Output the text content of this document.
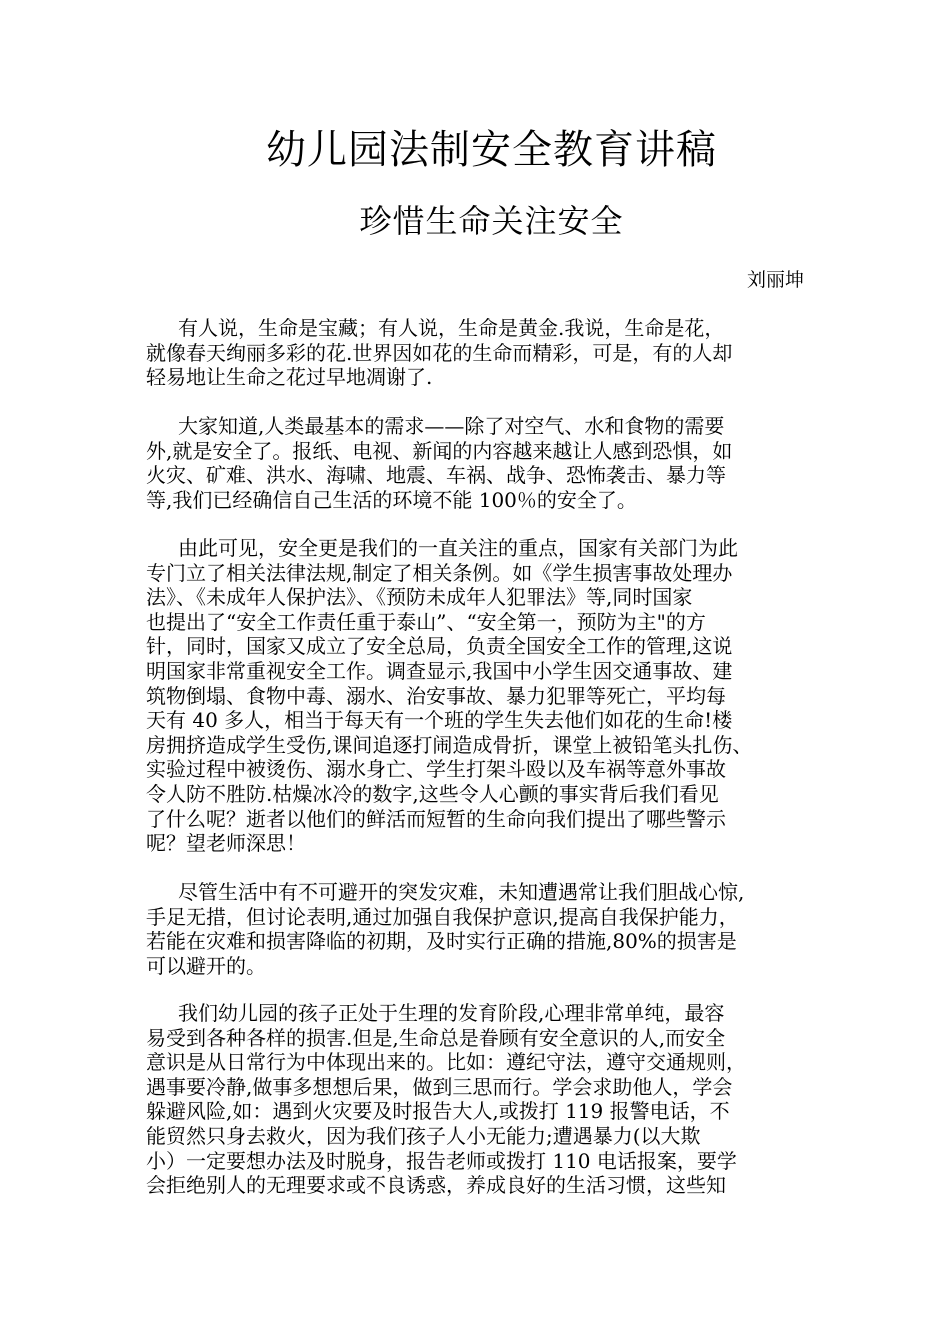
幼儿园法制安全教育讲稿
珍惜生命关注安全
刘丽坤
有人说，生命是宝藏；有人说，生命是黄金.我说，生命是花，
就像春天绚丽多彩的花.世界因如花的生命而精彩，可是，有的人却
轻易地让生命之花过早地凋谢了.
大家知道,人类最基本的需求——除了对空气、水和食物的需要
外,就是安全了。报纸、电视、新闻的内容越来越让人感到恐惧，如
火灾、矿难、洪水、海啸、地震、车祸、战争、恐怖袭击、暴力等
等,我们已经确信自己生活的环境不能 100％的安全了。
由此可见，安全更是我们的一直关注的重点，国家有关部门为此
专门立了相关法律法规,制定了相关条例。如《学生损害事故处理办
法》、《未成年人保护法》、《预防未成年人犯罪法》等,同时国家
也提出了“安全工作责任重于泰山”、“安全第一，预防为主"的方
针，同时，国家又成立了安全总局，负责全国安全工作的管理,这说
明国家非常重视安全工作。调查显示,我国中小学生因交通事故、建
筑物倒塌、食物中毒、溺水、治安事故、暴力犯罪等死亡，平均每
天有 40 多人，相当于每天有一个班的学生失去他们如花的生命!楼
房拥挤造成学生受伤,课间追逐打闹造成骨折，课堂上被铅笔头扎伤、
实验过程中被烫伤、溺水身亡、学生打架斗殴以及车祸等意外事故
令人防不胜防.枯燥冰冷的数字,这些令人心颤的事实背后我们看见
了什么呢？逝者以他们的鲜活而短暂的生命向我们提出了哪些警示
呢？望老师深思！
尽管生活中有不可避开的突发灾难，未知遭遇常让我们胆战心惊,
手足无措，但讨论表明,通过加强自我保护意识,提高自我保护能力，
若能在灾难和损害降临的初期，及时实行正确的措施,80%的损害是
可以避开的。
我们幼儿园的孩子正处于生理的发育阶段,心理非常单纯，最容
易受到各种各样的损害.但是,生命总是眷顾有安全意识的人,而安全
意识是从日常行为中体现出来的。比如：遵纪守法，遵守交通规则，
遇事要冷静,做事多想想后果，做到三思而行。学会求助他人，学会
躲避风险,如：遇到火灾要及时报告大人,或拨打 119 报警电话，不
能贸然只身去救火，因为我们孩子人小无能力;遭遇暴力(以大欺
小）一定要想办法及时脱身，报告老师或拨打 110 电话报案，要学
会拒绝别人的无理要求或不良诱惑，养成良好的生活习惯，这些知
